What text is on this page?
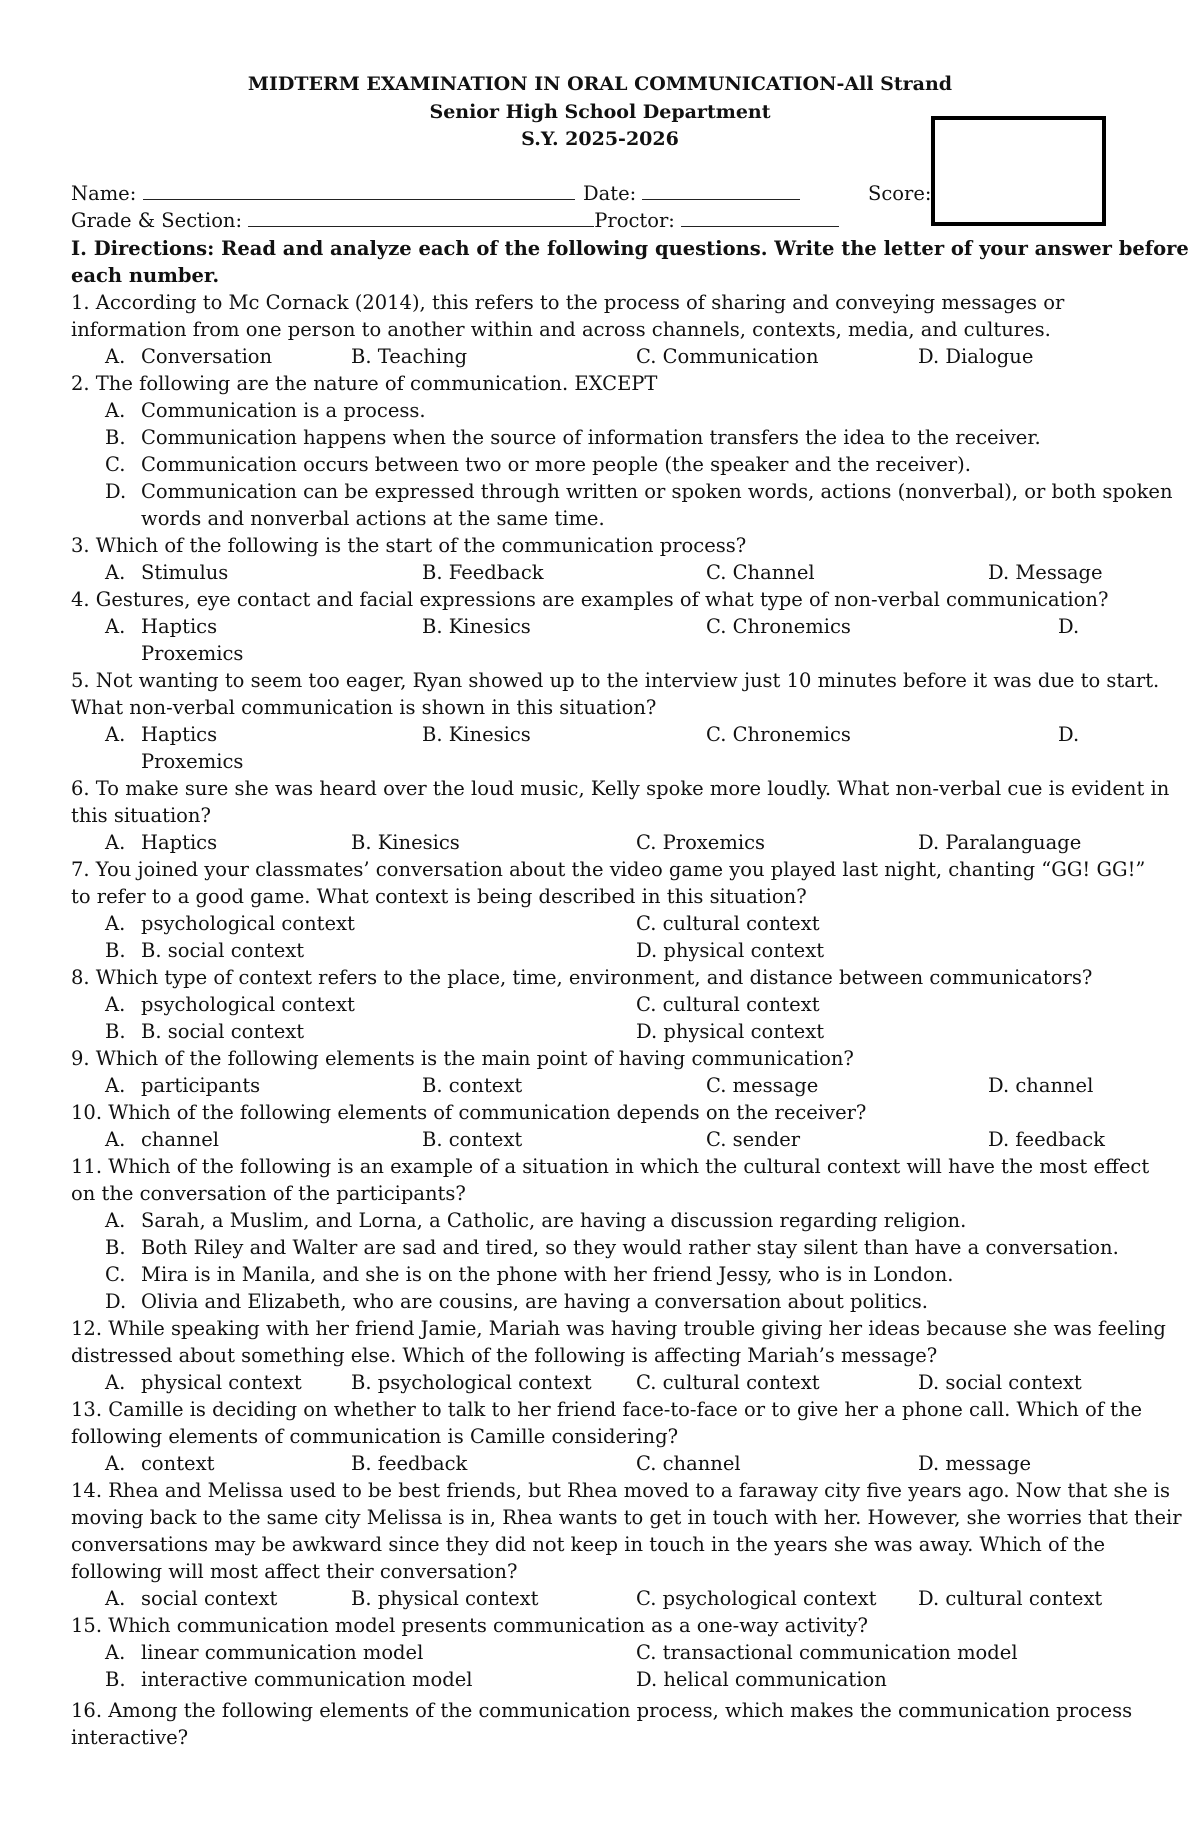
MIDTERM EXAMINATION IN ORAL COMMUNICATION-All Strand
Senior High School Department
S.Y. 2025-2026
Name:	Date:	Score:
Grade & Section:	Proctor:
I. Directions: Read and analyze each of the following questions. Write the letter of your answer before
each number.
1. According to Mc Cornack (2014), this refers to the process of sharing and conveying messages or
information from one person to another within and across channels, contexts, media, and cultures.
A. Conversation	B. Teaching	C. Communication	D. Dialogue
2. The following are the nature of communication. EXCEPT
A. Communication is a process.
B. Communication happens when the source of information transfers the idea to the receiver.
C. Communication occurs between two or more people (the speaker and the receiver).
D. Communication can be expressed through written or spoken words, actions (nonverbal), or both spoken
words and nonverbal actions at the same time.
3. Which of the following is the start of the communication process?
A. Stimulus	B. Feedback	C. Channel	D. Message
4. Gestures, eye contact and facial expressions are examples of what type of non-verbal communication?
A. Haptics	B. Kinesics	C. Chronemics	D.
Proxemics
5. Not wanting to seem too eager, Ryan showed up to the interview just 10 minutes before it was due to start.
What non-verbal communication is shown in this situation?
A. Haptics	B. Kinesics	C. Chronemics	D.
Proxemics
6. To make sure she was heard over the loud music, Kelly spoke more loudly. What non-verbal cue is evident in
this situation?
A. Haptics	B. Kinesics	C. Proxemics	D. Paralanguage
7. You joined your classmates’ conversation about the video game you played last night, chanting “GG! GG!”
to refer to a good game. What context is being described in this situation?
A. psychological context	C. cultural context
B. B. social context	D. physical context
8. Which type of context refers to the place, time, environment, and distance between communicators?
A. psychological context	C. cultural context
B. B. social context	D. physical context
9. Which of the following elements is the main point of having communication?
A. participants	B. context	C. message	D. channel
10. Which of the following elements of communication depends on the receiver?
A. channel	B. context	C. sender	D. feedback
11. Which of the following is an example of a situation in which the cultural context will have the most effect
on the conversation of the participants?
A. Sarah, a Muslim, and Lorna, a Catholic, are having a discussion regarding religion.
B. Both Riley and Walter are sad and tired, so they would rather stay silent than have a conversation.
C. Mira is in Manila, and she is on the phone with her friend Jessy, who is in London.
D. Olivia and Elizabeth, who are cousins, are having a conversation about politics.
12. While speaking with her friend Jamie, Mariah was having trouble giving her ideas because she was feeling
distressed about something else. Which of the following is affecting Mariah’s message?
A. physical context	B. psychological context C. cultural context	D. social context
13. Camille is deciding on whether to talk to her friend face-to-face or to give her a phone call. Which of the
following elements of communication is Camille considering?
A. context	B. feedback	C. channel	D. message
14. Rhea and Melissa used to be best friends, but Rhea moved to a faraway city five years ago. Now that she is
moving back to the same city Melissa is in, Rhea wants to get in touch with her. However, she worries that their
conversations may be awkward since they did not keep in touch in the years she was away. Which of the
following will most affect their conversation?
A. social context	B. physical context	C. psychological context D. cultural context
15. Which communication model presents communication as a one-way activity?
A. linear communication model	C. transactional communication model
B. interactive communication model	D. helical communication
16. Among the following elements of the communication process, which makes the communication process
interactive?
